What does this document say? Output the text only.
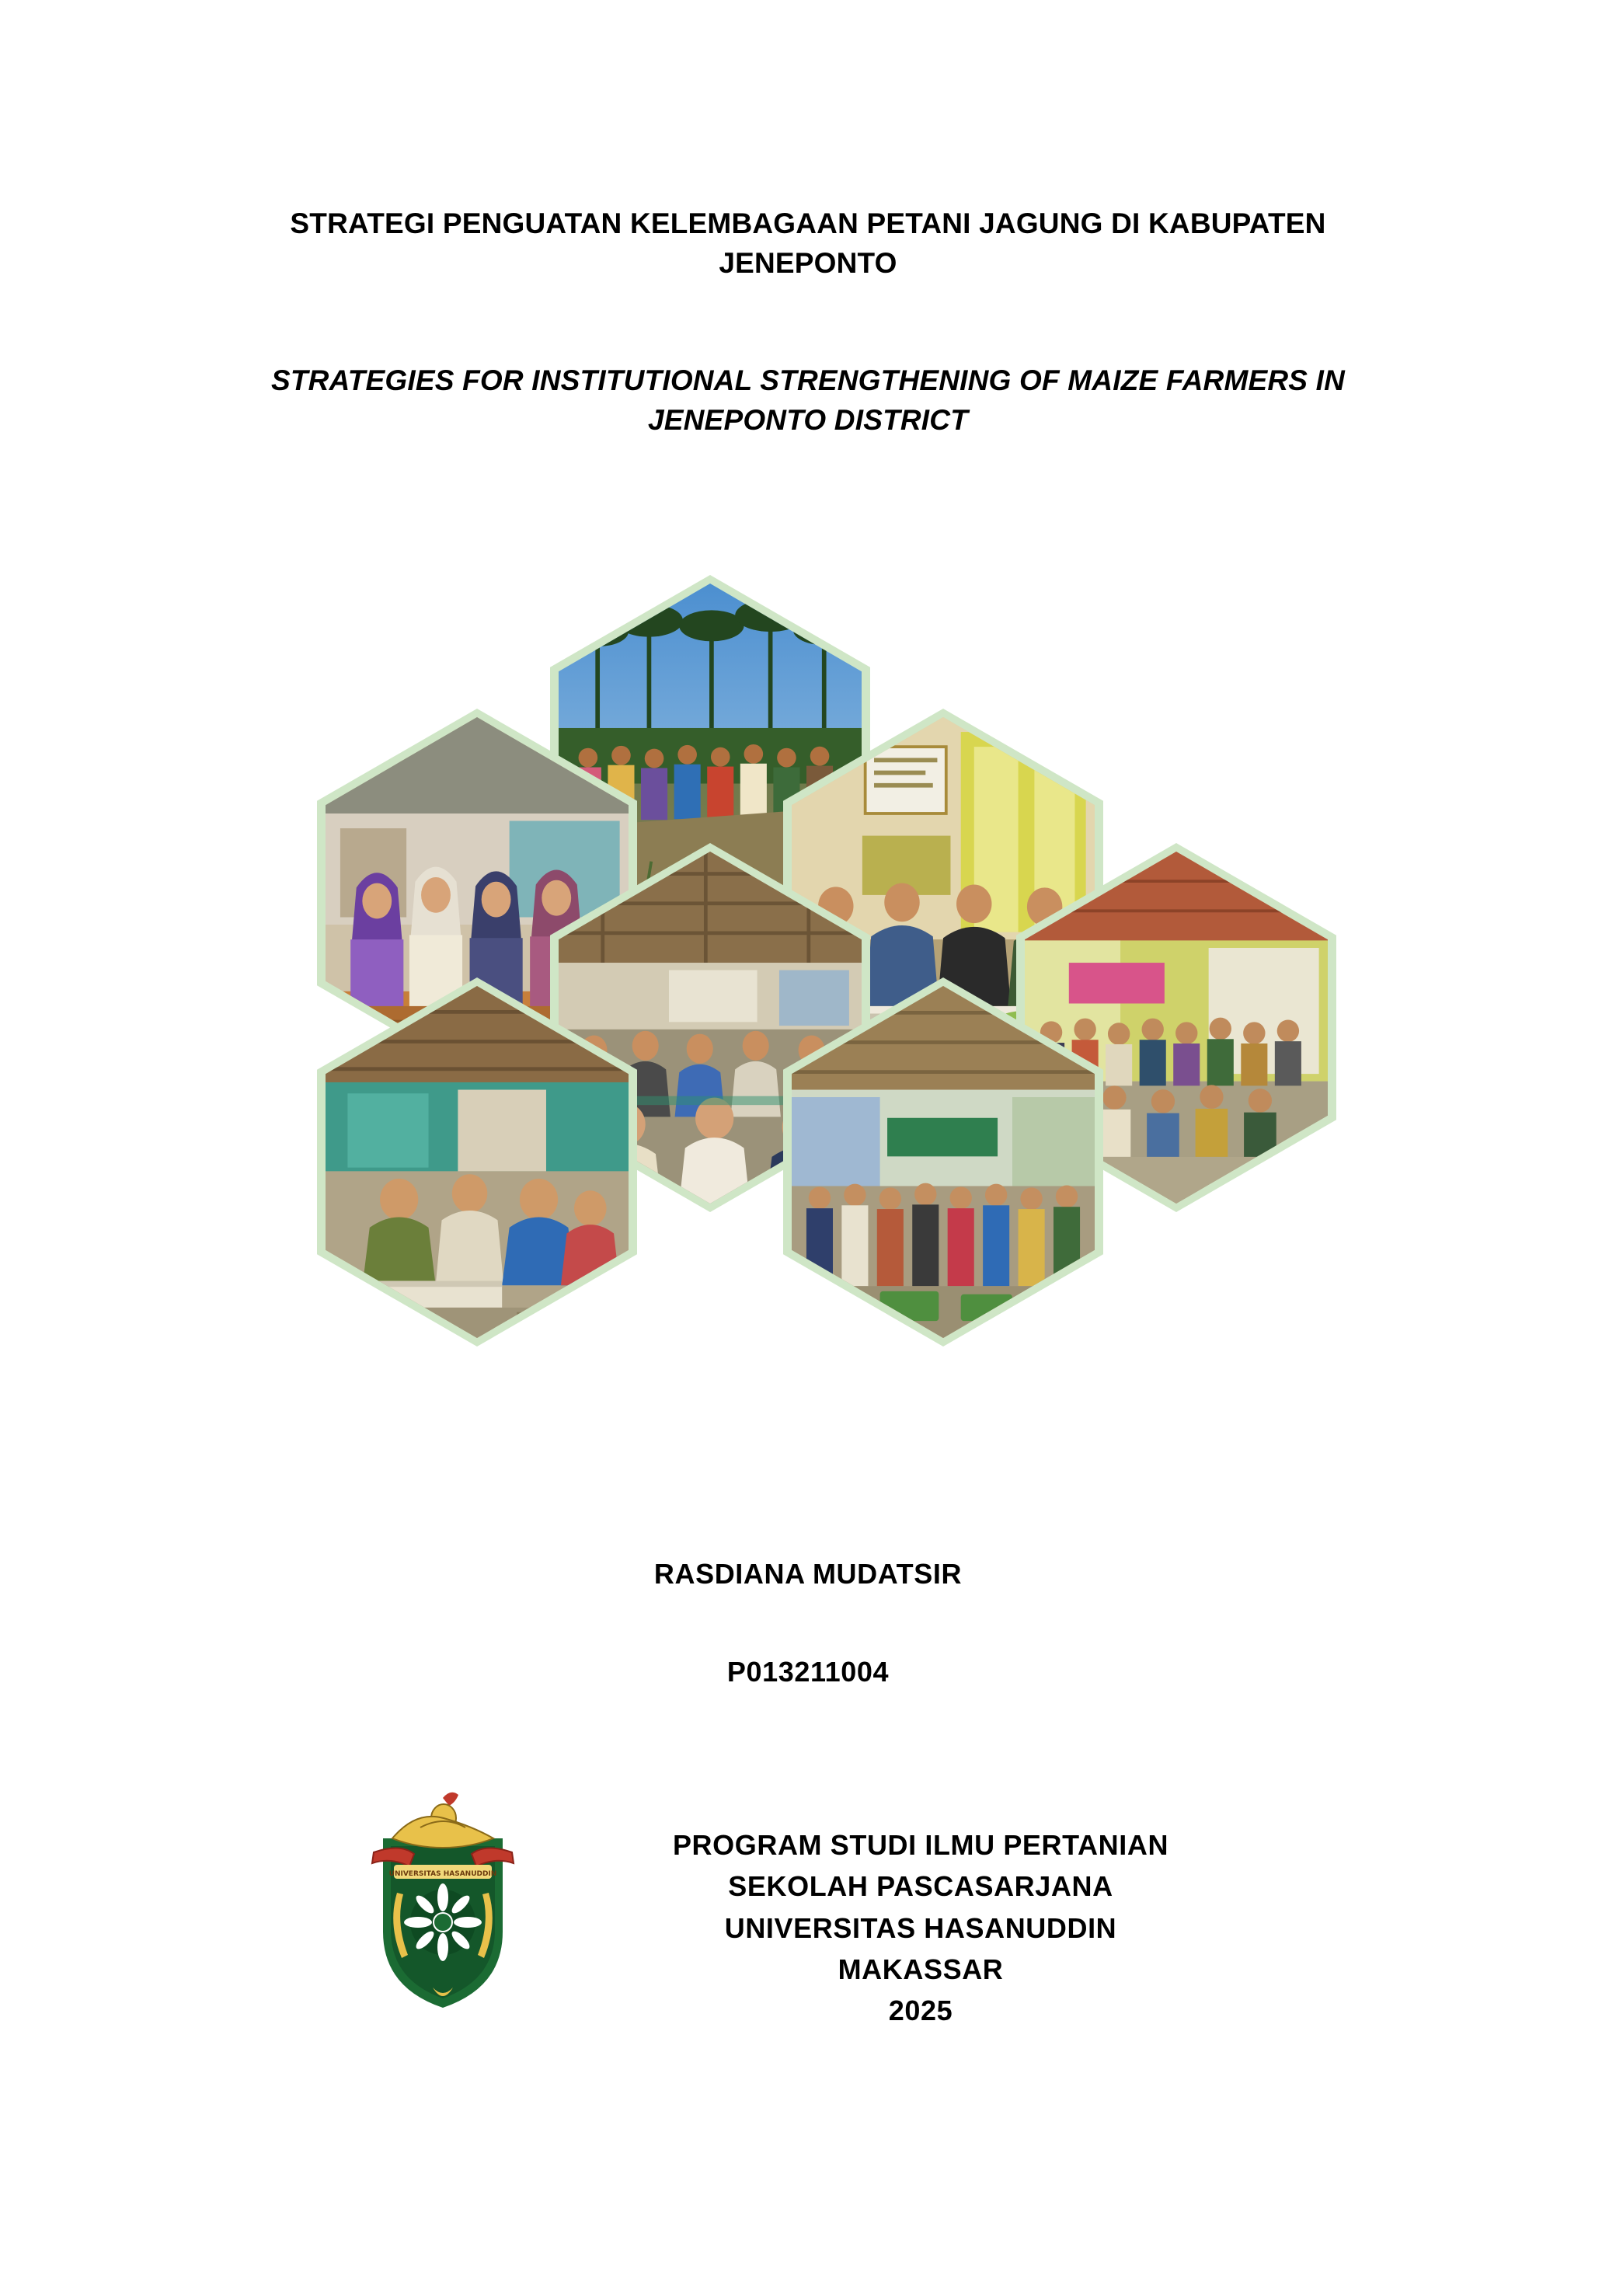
STRATEGI PENGUATAN KELEMBAGAAN PETANI JAGUNG DI KABUPATEN JENEPONTO
STRATEGIES FOR INSTITUTIONAL STRENGTHENING OF MAIZE FARMERS IN JENEPONTO DISTRICT
RASDIANA MUDATSIR
P013211004
UNIVERSITAS HASANUDDIN
PROGRAM STUDI ILMU PERTANIAN
SEKOLAH PASCASARJANA
UNIVERSITAS HASANUDDIN
MAKASSAR
2025
